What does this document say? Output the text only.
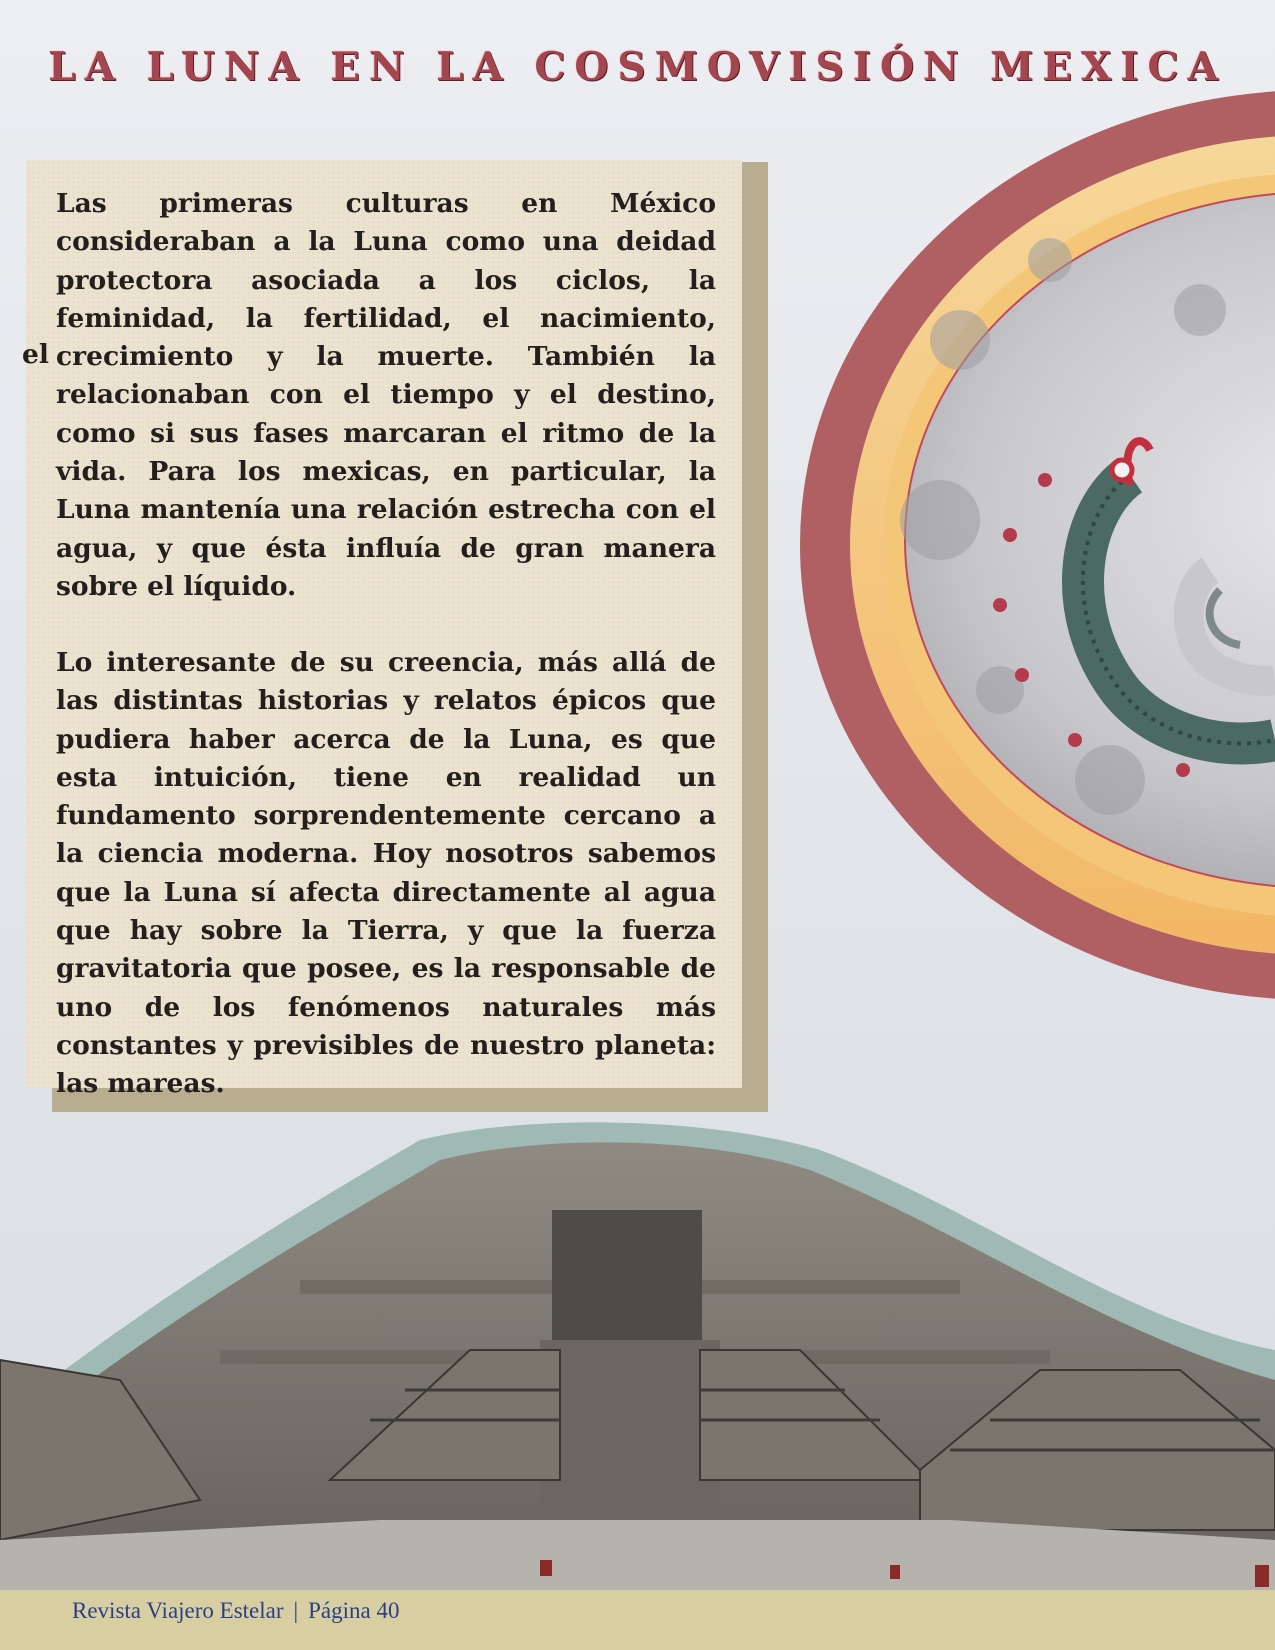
LA LUNA EN LA COSMOVISIÓN MEXICA
el

Las primeras culturas en México consideraban a la Luna como una deidad protectora asociada a los ciclos, la feminidad, la fertilidad, el nacimiento, crecimiento y la muerte. También la relacionaban con el tiempo y el destino, como si sus fases marcaran el ritmo de la vida. Para los mexicas, en particular, la Luna mantenía una relación estrecha con el agua, y que ésta influía de gran manera sobre el líquido.

Lo interesante de su creencia, más allá de las distintas historias y relatos épicos que pudiera haber acerca de la Luna, es que esta intuición, tiene en realidad un fundamento sorprendentemente cercano a la ciencia moderna. Hoy nosotros sabemos que la Luna sí afecta directamente al agua que hay sobre la Tierra, y que la fuerza gravitatoria que posee, es la responsable de uno de los fenómenos naturales más constantes y previsibles de nuestro planeta: las mareas.

Revista Viajero Estelar | Página 40
